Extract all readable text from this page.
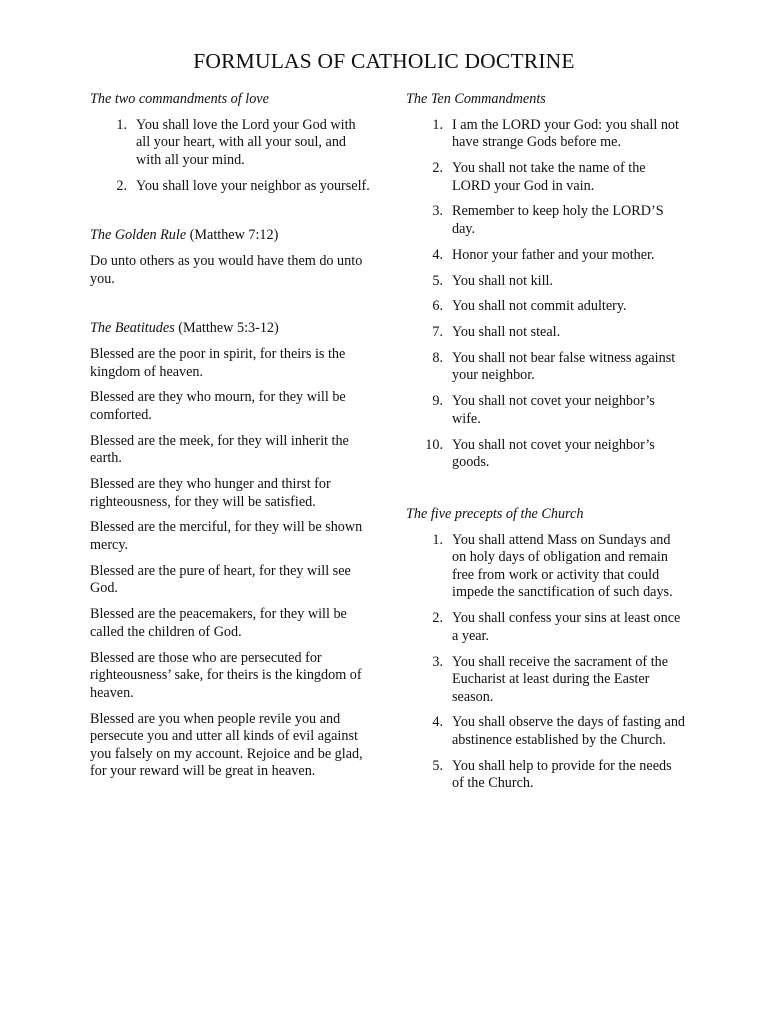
FORMULAS OF CATHOLIC DOCTRINE
The two commandments of love
1. You shall love the Lord your God with all your heart, with all your soul, and with all your mind.
2. You shall love your neighbor as yourself.
The Golden Rule (Matthew 7:12)

Do unto others as you would have them do unto you.

The Beatitudes (Matthew 5:3-12)

Blessed are the poor in spirit, for theirs is the kingdom of heaven.

Blessed are they who mourn, for they will be comforted.

Blessed are the meek, for they will inherit the earth.

Blessed are they who hunger and thirst for righteousness, for they will be satisfied.

Blessed are the merciful, for they will be shown mercy.

Blessed are the pure of heart, for they will see God.

Blessed are the peacemakers, for they will be called the children of God.

Blessed are those who are persecuted for righteousness’ sake, for theirs is the kingdom of heaven.

Blessed are you when people revile you and persecute you and utter all kinds of evil against you falsely on my account. Rejoice and be glad, for your reward will be great in heaven.

The Ten Commandments
1. I am the LORD your God: you shall not have strange Gods before me.
2. You shall not take the name of the LORD your God in vain.
3. Remember to keep holy the LORD’S day.
4. Honor your father and your mother.
5. You shall not kill.
6. You shall not commit adultery.
7. You shall not steal.
8. You shall not bear false witness against your neighbor.
9. You shall not covet your neighbor’s wife.
10. You shall not covet your neighbor’s goods.
The five precepts of the Church
1. You shall attend Mass on Sundays and on holy days of obligation and remain free from work or activity that could impede the sanctification of such days.
2. You shall confess your sins at least once a year.
3. You shall receive the sacrament of the Eucharist at least during the Easter season.
4. You shall observe the days of fasting and abstinence established by the Church.
5. You shall help to provide for the needs of the Church.
